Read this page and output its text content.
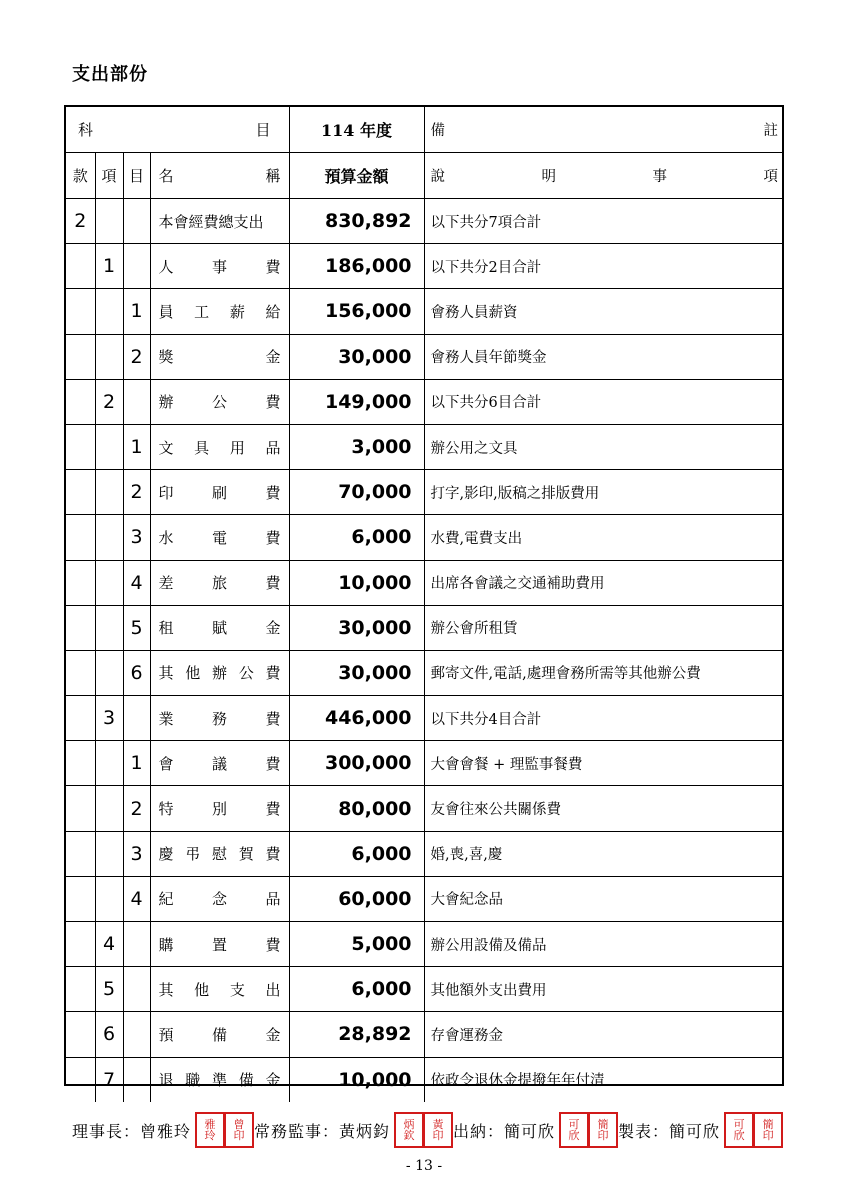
支出部份
科 目				114 年度	備 註

款	項	目	名 稱	預算金額	說 明 事 項

2			本會經費總支出	830,892	以下共分7項合計
	1		人 事 費	186,000	以下共分2目合計
		1	員 工 薪 給	156,000	會務人員薪資
		2	獎 金	30,000	會務人員年節獎金
	2		辦 公 費	149,000	以下共分6目合計
		1	文 具 用 品	3,000	辦公用之文具
		2	印 刷 費	70,000	打字,影印,版稿之排版費用
		3	水 電 費	6,000	水費,電費支出
		4	差 旅 費	10,000	出席各會議之交通補助費用
		5	租 賦 金	30,000	辦公會所租賃
		6	其 他 辦 公 費	30,000	郵寄文件,電話,處理會務所需等其他辦公費
	3		業 務 費	446,000	以下共分4目合計
		1	會 議 費	300,000	大會會餐 + 理監事餐費
		2	特 別 費	80,000	友會往來公共關係費
		3	慶 弔 慰 賀 費	6,000	婚,喪,喜,慶
		4	紀 念 品	60,000	大會紀念品
	4		購 置 費	5,000	辦公用設備及備品
	5		其 他 支 出	6,000	其他額外支出費用
	6		預 備 金	28,892	存會運務金
	7		退 職 準 備 金	10,000	依政令退休金提撥年年付清
理事長：曾雅玲 雅
玲
曾
印 常務監事：黃炳鈞 炳
欽
黃
印 出納：簡可欣 可
欣
簡
印 製表：簡可欣 可
欣
簡
印
- 13 -
